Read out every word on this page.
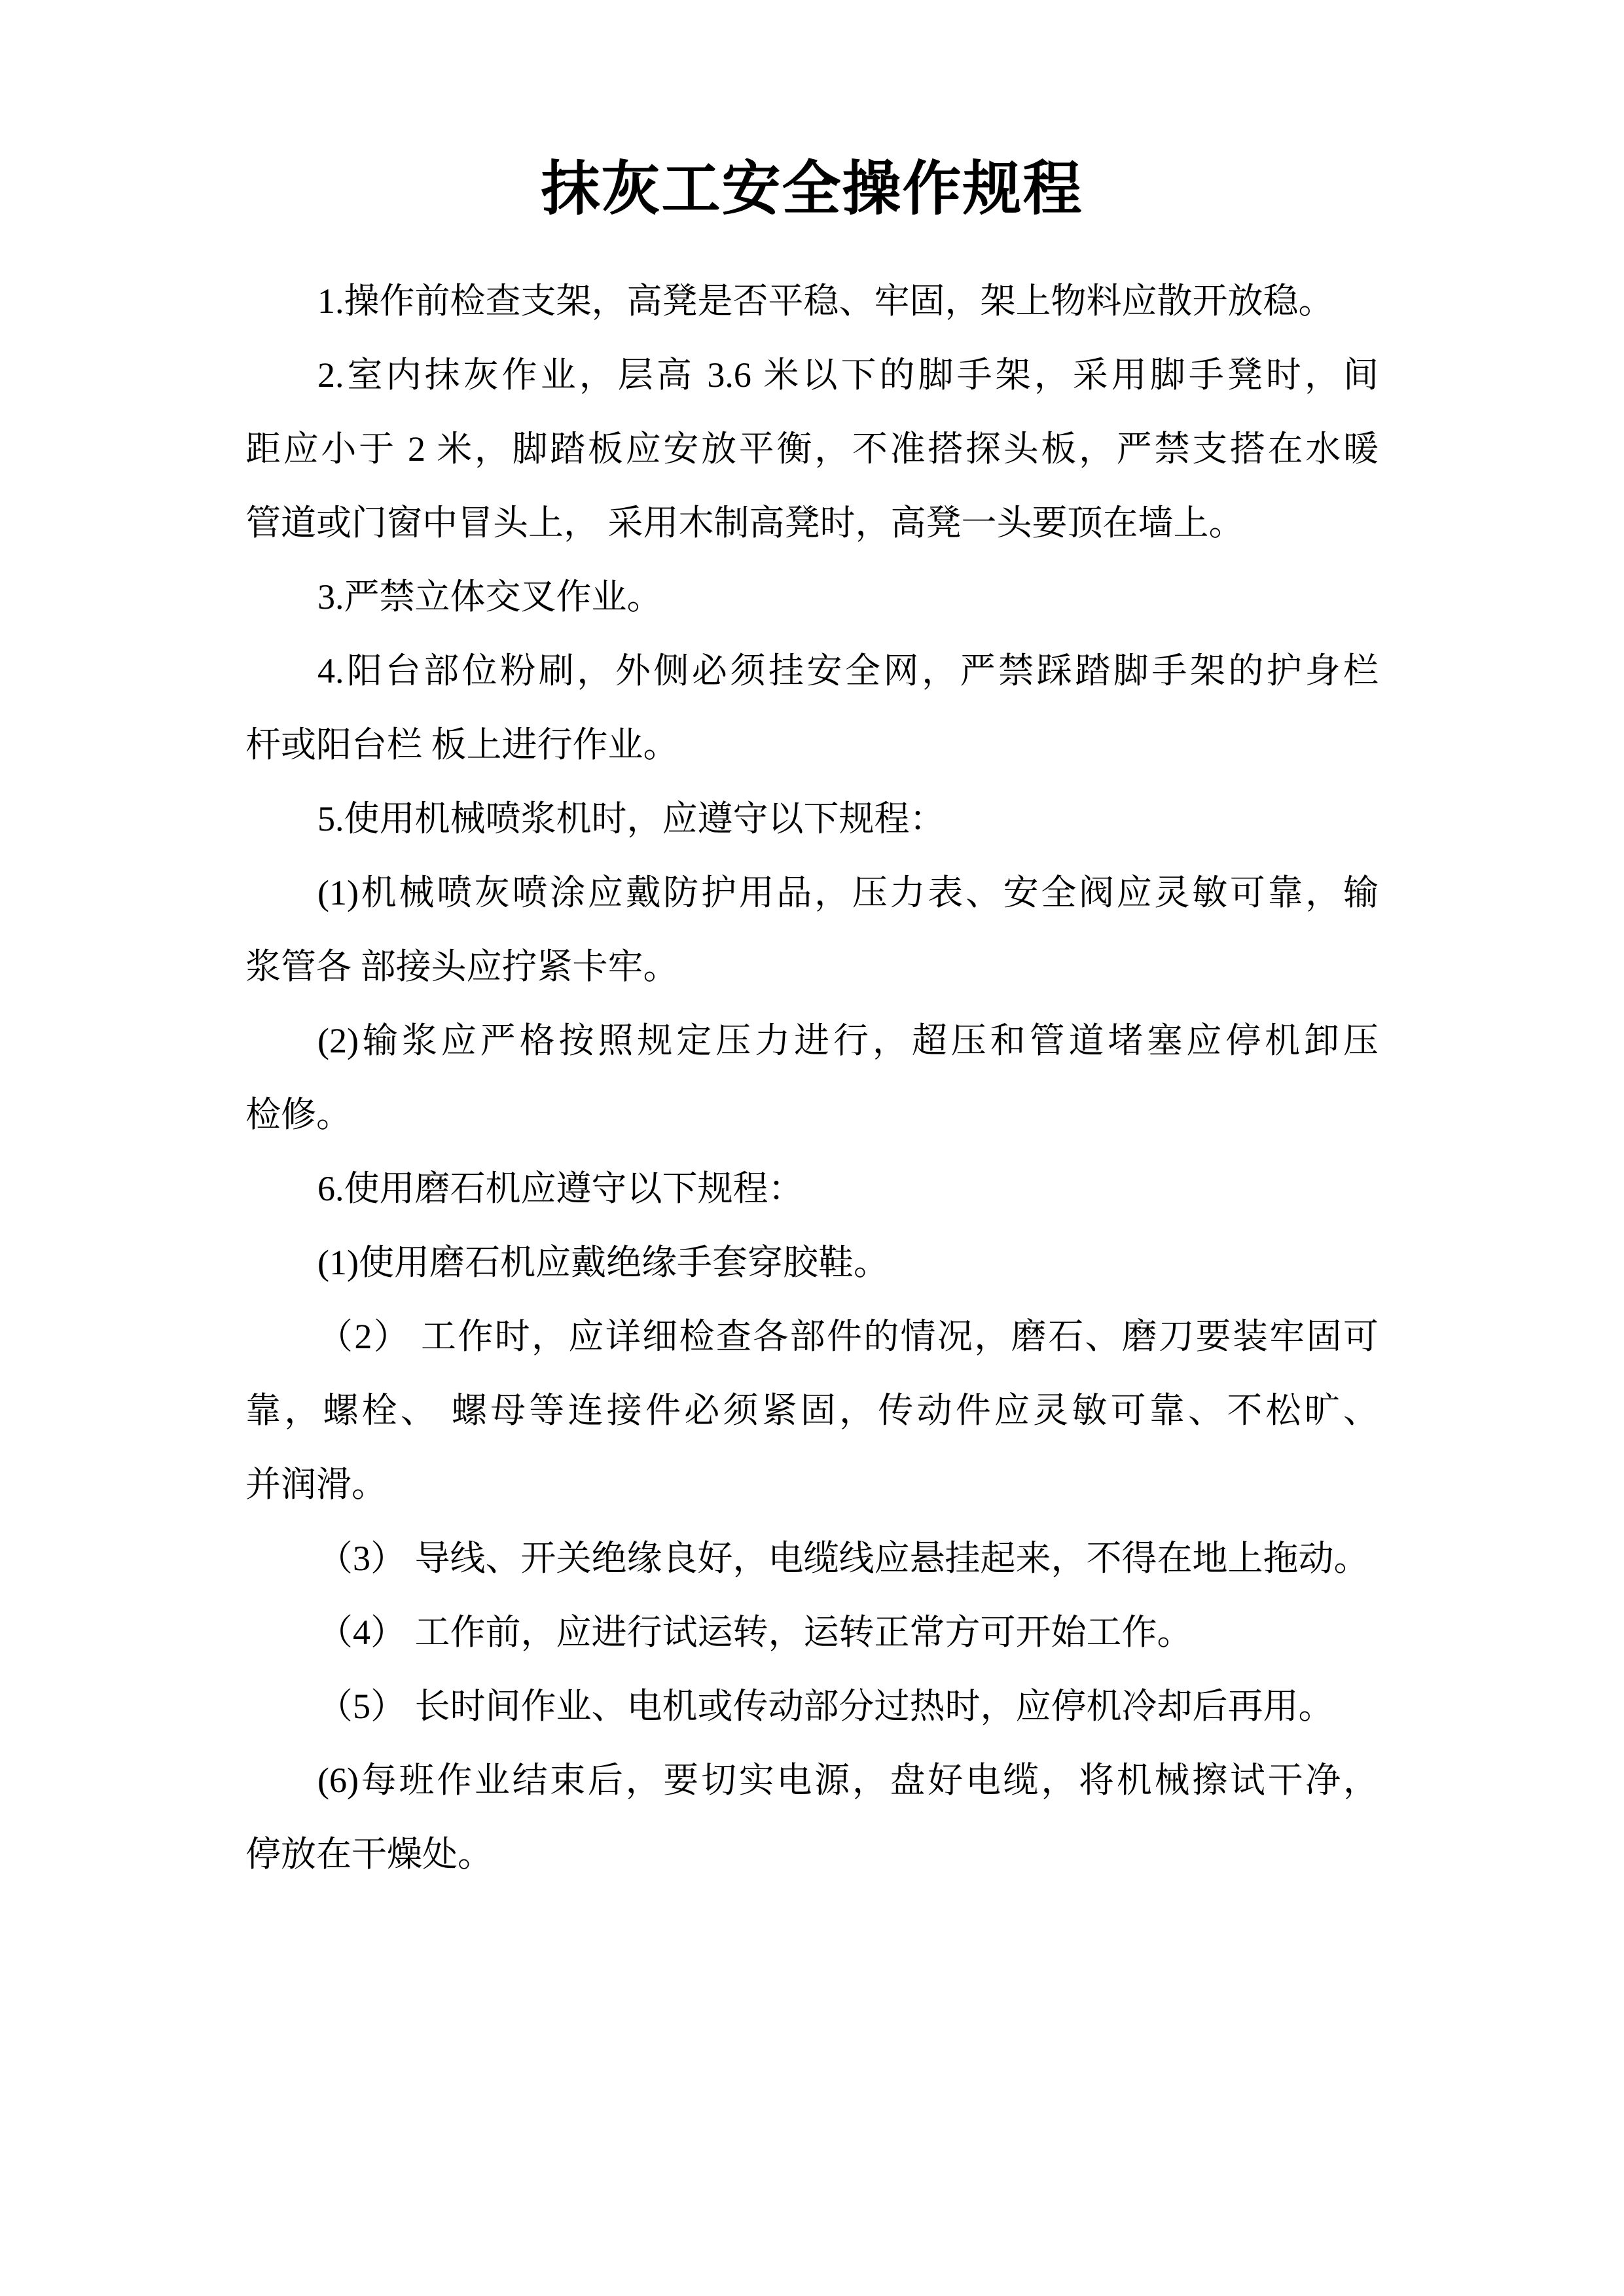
抹灰工安全操作规程
1.操作前检查支架，高凳是否平稳、牢固，架上物料应散开放稳。
2.室内抹灰作业，层高 3.6 米以下的脚手架，采用脚手凳时，间
距应小于 2 米，脚踏板应安放平衡，不准搭探头板，严禁支搭在水暖
管道或门窗中冒头上， 采用木制高凳时，高凳一头要顶在墙上。
3.严禁立体交叉作业。
4.阳台部位粉刷，外侧必须挂安全网，严禁踩踏脚手架的护身栏
杆或阳台栏 板上进行作业。
5.使用机械喷浆机时，应遵守以下规程：
(1)机械喷灰喷涂应戴防护用品，压力表、安全阀应灵敏可靠，输
浆管各 部接头应拧紧卡牢。
(2)输浆应严格按照规定压力进行，超压和管道堵塞应停机卸压
检修。
6.使用磨石机应遵守以下规程：
(1)使用磨石机应戴绝缘手套穿胶鞋。
（2） 工作时，应详细检查各部件的情况，磨石、磨刀要装牢固可
靠，螺栓、 螺母等连接件必须紧固，传动件应灵敏可靠、不松旷、
并润滑。
（3） 导线、开关绝缘良好，电缆线应悬挂起来，不得在地上拖动。
（4） 工作前，应进行试运转，运转正常方可开始工作。
（5） 长时间作业、电机或传动部分过热时，应停机冷却后再用。
(6)每班作业结束后，要切实电源，盘好电缆，将机械擦试干净，
停放在干燥处。
